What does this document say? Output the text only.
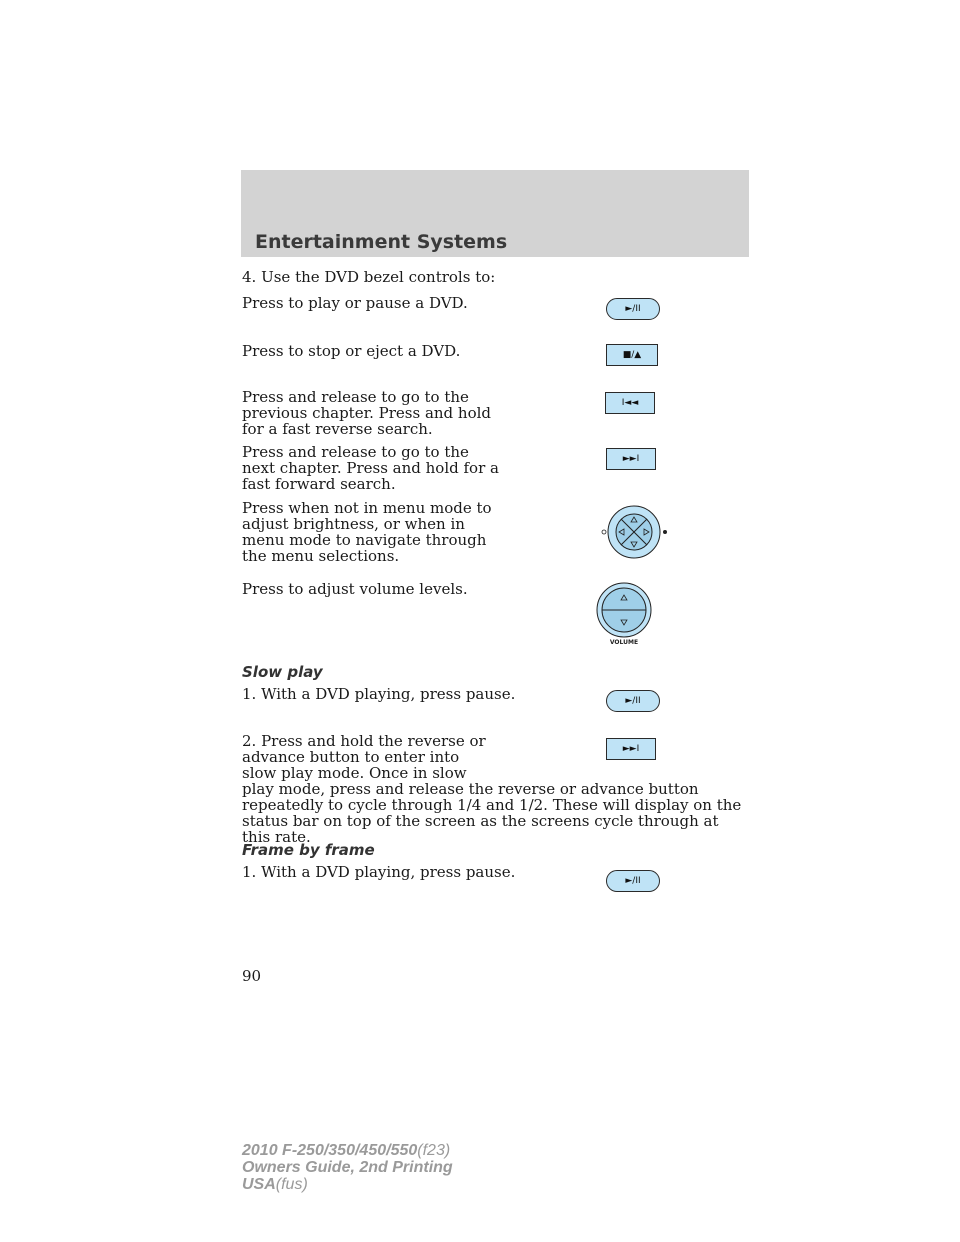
Entertainment Systems

4. Use the DVD bezel controls to:

Press to play or pause a DVD.	►/II

Press to stop or eject a DVD.	■/▲

Press and release to go to the previous chapter. Press and hold for a fast reverse search.

I◄◄

Press and release to go to the next chapter. Press and hold for a fast forward search.

►►I

Press when not in menu mode to adjust brightness, or when in menu mode to navigate through the menu selections.

Press to adjust volume levels.

VOLUME

Slow play

1. With a DVD playing, press pause.	►/II
►►I

2. Press and hold the reverse or advance button to enter into slow play mode. Once in slow play mode, press and release the reverse or advance button repeatedly to cycle through 1/4 and 1/2. These will display on the status bar on top of the screen as the screens cycle through at this rate.

Frame by frame

1. With a DVD playing, press pause.	►/II

90

2010 F-250/350/450/550(f23)
Owners Guide, 2nd Printing
USA(fus)
